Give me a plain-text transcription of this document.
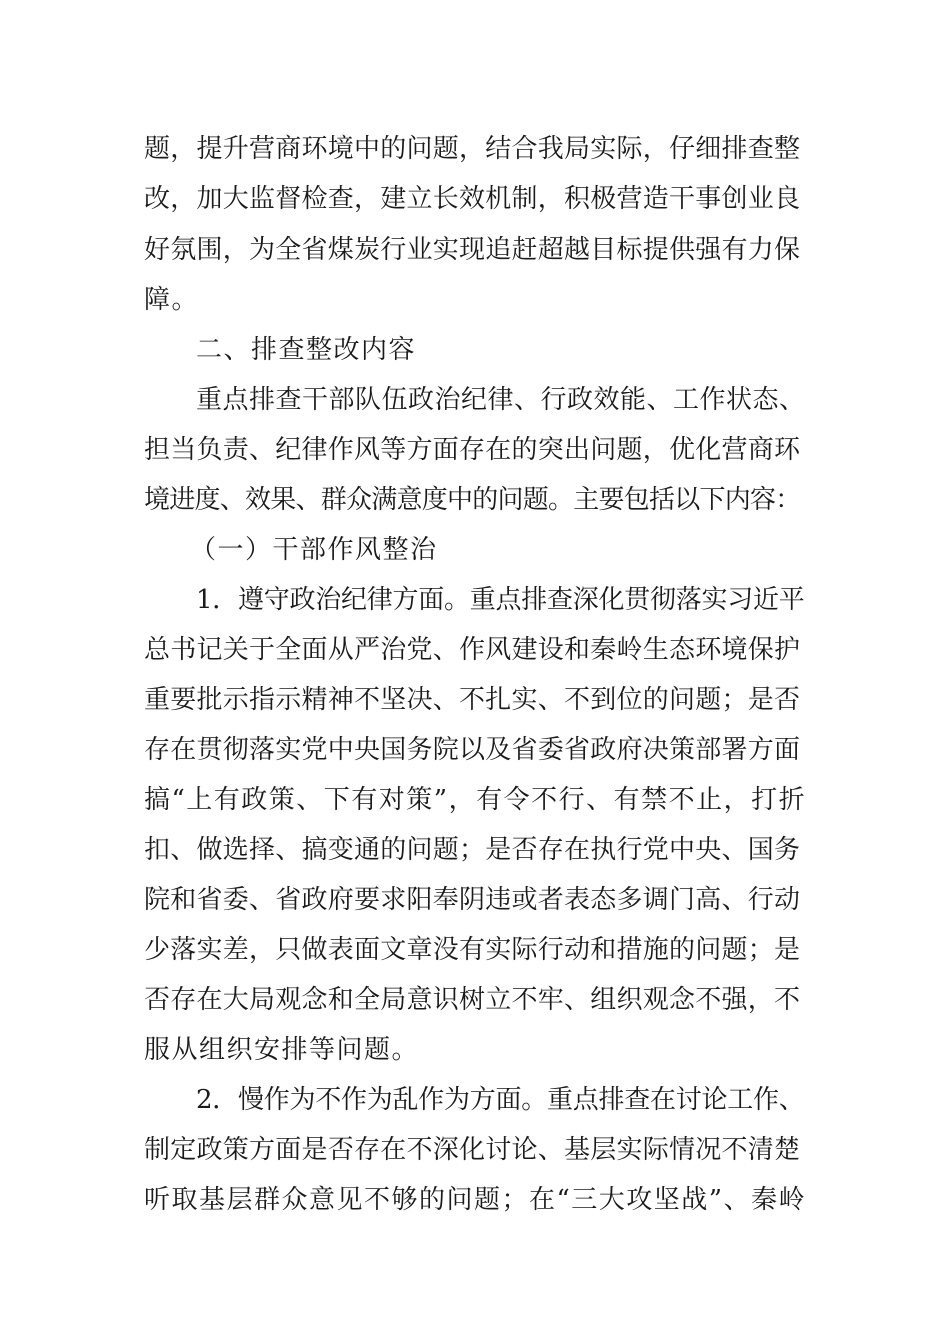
题，提升营商环境中的问题，结合我局实际，仔细排查整
改，加大监督检查，建立长效机制，积极营造干事创业良
好氛围，为全省煤炭行业实现追赶超越目标提供强有力保
障。
二、排查整改内容
重点排查干部队伍政治纪律、行政效能、工作状态、
担当负责、纪律作风等方面存在的突出问题，优化营商环
境进度、效果、群众满意度中的问题。主要包括以下内容：
（一）干部作风整治
1．遵守政治纪律方面。重点排查深化贯彻落实习近平
总书记关于全面从严治党、作风建设和秦岭生态环境保护
重要批示指示精神不坚决、不扎实、不到位的问题；是否
存在贯彻落实党中央国务院以及省委省政府决策部署方面
搞“上有政策、下有对策”，有令不行、有禁不止，打折
扣、做选择、搞变通的问题；是否存在执行党中央、国务
院和省委、省政府要求阳奉阴违或者表态多调门高、行动
少落实差，只做表面文章没有实际行动和措施的问题；是
否存在大局观念和全局意识树立不牢、组织观念不强，不
服从组织安排等问题。
2．慢作为不作为乱作为方面。重点排查在讨论工作、
制定政策方面是否存在不深化讨论、基层实际情况不清楚
听取基层群众意见不够的问题；在“三大攻坚战”、秦岭
